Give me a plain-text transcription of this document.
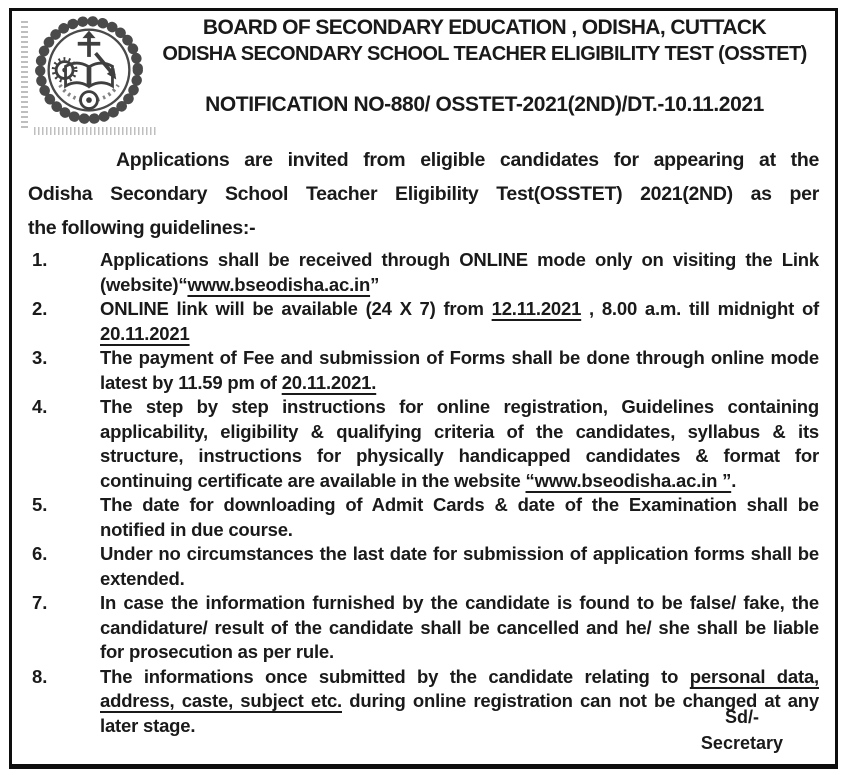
BOARD OF SECONDARY EDUCATION , ODISHA, CUTTACK
ODISHA SECONDARY SCHOOL TEACHER ELIGIBILITY TEST (OSSTET)
NOTIFICATION NO-880/ OSSTET-2021(2ND)/DT.-10.11.2021
Applications are invited from eligible candidates for appearing at the
Odisha Secondary School Teacher Eligibility Test(OSSTET) 2021(2ND) as per
the following guidelines:-
1.	Applications shall be received through ONLINE mode only on visiting the Link (website)“www.bseodisha.ac.in”
2.	ONLINE link will be available (24 X 7) from 12.11.2021 , 8.00 a.m. till midnight of 20.11.2021
3.	The payment of Fee and submission of Forms shall be done through online mode latest by 11.59 pm of 20.11.2021.
4.	The step by step instructions for online registration, Guidelines containing applicability, eligibility & qualifying criteria of the candidates, syllabus & its structure, instructions for physically handicapped candidates & format for continuing certificate are available in the website “www.bseodisha.ac.in ”.
5.	The date for downloading of Admit Cards & date of the Examination shall be notified in due course.
6.	Under no circumstances the last date for submission of application forms shall be extended.
7.	In case the information furnished by the candidate is found to be false/ fake, the candidature/ result of the candidate shall be cancelled and he/ she shall be liable for prosecution as per rule.
8.	The informations once submitted by the candidate relating to personal data, address, caste, subject etc. during online registration can not be changed at any later stage.	Sd/-
Secretary
